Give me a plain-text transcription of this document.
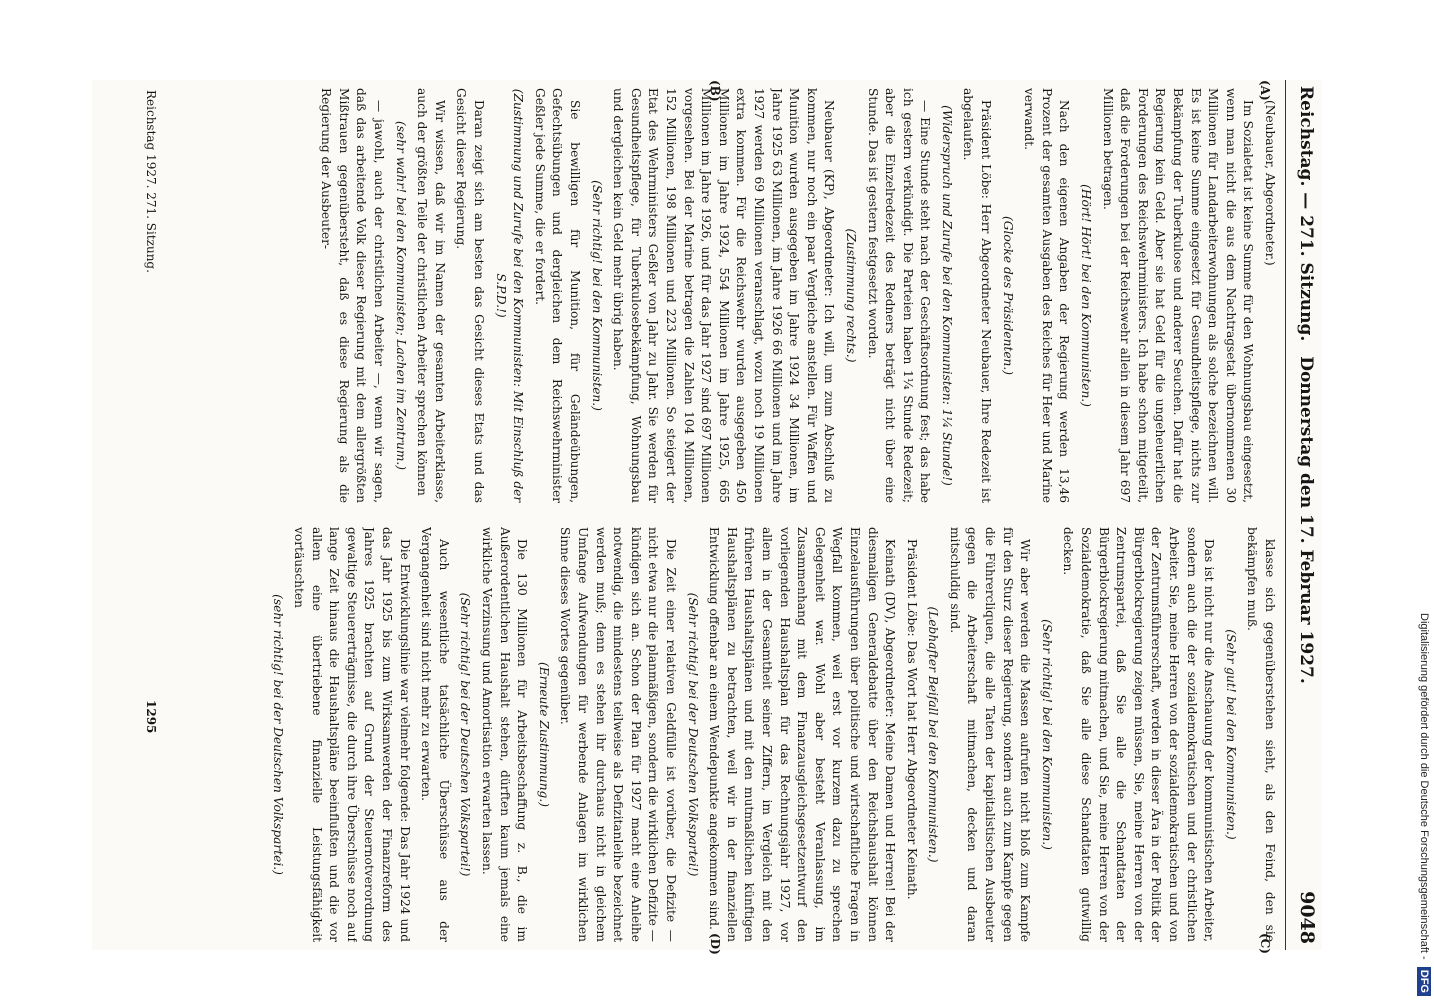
Reichstag. — 271. Sitzung.
Donnerstag den 17. Februar 1927.
9048
(A)
(B)
(C)
(D)

(Neubauer, Abgeordneter.)

Im Sozialetat ist keine Summe für den Wohnungsbau eingesetzt, wenn man nicht die aus dem Nachtragsetat übernommenen 30 Millionen für Landarbeiterwohnungen als solche bezeichnen will. Es ist keine Summe eingesetzt für Gesundheitspflege, nichts zur Bekämpfung der Tuberkulose und anderer Seuchen. Dafür hat die Regierung kein Geld. Aber sie hat Geld für die ungeheuerlichen Forderungen des Reichswehrministers. Ich habe schon mitgeteilt, daß die Forderungen bei der Reichswehr allein in diesem Jahr 697 Millionen betragen.

(Hört! Hört! bei den Kommunisten.)

Nach den eigenen Angaben der Regierung werden 13,46 Prozent der gesamten Ausgaben des Reiches für Heer und Marine verwandt.

(Glocke des Präsidenten.)

Präsident Löbe: Herr Abgeordneter Neubauer, Ihre Redezeit ist abgelaufen.

(Widerspruch und Zurufe bei den Kommunisten: 1¼ Stunde!)

— Eine Stunde steht nach der Geschäftsordnung fest; das habe ich gestern verkündigt. Die Parteien haben 1¼ Stunde Redezeit; aber die Einzelredezeit des Redners beträgt nicht über eine Stunde. Das ist gestern festgesetzt worden.

(Zustimmung rechts.)

Neubauer (KP), Abgeordneter: Ich will, um zum Abschluß zu kommen, nur noch ein paar Vergleiche anstellen. Für Waffen und Munition wurden ausgegeben im Jahre 1924 34 Millionen, im Jahre 1925 63 Millionen, im Jahre 1926 66 Millionen und im Jahre 1927 werden 69 Millionen veranschlagt, wozu noch 19 Millionen extra kommen. Für die Reichswehr wurden ausgegeben 450 Millionen im Jahre 1924, 554 Millionen im Jahre 1925, 665 Millionen im Jahre 1926, und für das Jahr 1927 sind 697 Millionen vorgesehen. Bei der Marine betragen die Zahlen 104 Millionen, 152 Millionen, 198 Millionen und 223 Millionen. So steigert der Etat des Wehrministers Geßler von Jahr zu Jahr. Sie werden für Gesundheitspflege, für Tuberkulosebekämpfung, Wohnungsbau und dergleichen kein Geld mehr übrig haben.

(Sehr richtig! bei den Kommunisten.)

Sie bewilligen für Munition, für Geländeübungen, Gefechtsübungen und dergleichen dem Reichswehrminister Geßler jede Summe, die er fordert.

(Zustimmung und Zurufe bei den Kommunisten: Mit Einschluß der S.P.D.!)

Daran zeigt sich am besten das Gesicht dieses Etats und das Gesicht dieser Regierung.

Wir wissen, daß wir im Namen der gesamten Arbeiterklasse, auch der größten Teile der christlichen Arbeiter sprechen können

(sehr wahr! bei den Kommunisten; Lachen im Zentrum.)

— jawohl, auch der christlichen Arbeiter —, wenn wir sagen, daß das arbeitende Volk dieser Regierung mit dem allergrößten Mißtrauen gegenübersteht, daß es diese Regierung als die Regierung der Ausbeuter-

klasse sich gegenüberstehen sieht, als den Feind, den sie bekämpfen muß.

(Sehr gut! bei den Kommunisten.)

Das ist nicht nur die Anschauung der kommunistischen Arbeiter, sondern auch die der sozialdemokratischen und der christlichen Arbeiter. Sie, meine Herren von der sozialdemokratischen und von der Zentrumsführerschaft, werden in dieser Ära in der Politik der Bürgerblockregierung zeigen müssen, Sie, meine Herren von der Zentrumspartei, daß Sie alle die Schandtaten der Bürgerblockregierung mitmachen, und Sie, meine Herren von der Sozialdemokratie, daß Sie alle diese Schandtaten gutwillig decken.

(Sehr richtig! bei den Kommunisten.)

Wir aber werden die Massen aufrufen nicht bloß zum Kampfe für den Sturz dieser Regierung, sondern auch zum Kampfe gegen die Führercliquen, die alle Taten der kapitalistischen Ausbeuter gegen die Arbeiterschaft mitmachen, decken und daran mitschuldig sind.

(Lebhafter Beifall bei den Kommunisten.)

Präsident Löbe: Das Wort hat Herr Abgeordneter Keinath.

Keinath (DV), Abgeordneter: Meine Damen und Herren! Bei der diesmaligen Generaldebatte über den Reichshaushalt können Einzelausführungen über politische und wirtschaftliche Fragen in Wegfall kommen, weil erst vor kurzem dazu zu sprechen Gelegenheit war. Wohl aber besteht Veranlassung, im Zusammenhang mit dem Finanzausgleichsgesetzentwurf den vorliegenden Haushaltsplan für das Rechnungsjahr 1927, vor allem in der Gesamtheit seiner Ziffern, im Vergleich mit den früheren Haushaltsplänen und mit den mutmaßlichen künftigen Haushaltsplänen zu betrachten, weil wir in der finanziellen Entwicklung offenbar an einem Wendepunkte angekommen sind.

(Sehr richtig! bei der Deutschen Volkspartei!)

Die Zeit einer relativen Geldfülle ist vorüber, die Defizite — nicht etwa nur die planmäßigen, sondern die wirklichen Defizite — kündigen sich an. Schon der Plan für 1927 macht eine Anleihe notwendig, die mindestens teilweise als Defizitanleihe bezeichnet werden muß; denn es stehen ihr durchaus nicht in gleichem Umfange Aufwendungen für werbende Anlagen im wirklichen Sinne dieses Wortes gegenüber.

(Erneute Zustimmung.)

Die 130 Millionen für Arbeitsbeschaffung z. B., die im Außerordentlichen Haushalt stehen, dürften kaum jemals eine wirkliche Verzinsung und Amortisation erwarten lassen.

(Sehr richtig! bei der Deutschen Volkspartei!)

Auch wesentliche tatsächliche Überschüsse aus der Vergangenheit sind nicht mehr zu erwarten.

Die Entwicklungslinie war vielmehr folgende: Das Jahr 1924 und das Jahr 1925 bis zum Wirksamwerden der Finanzreform des Jahres 1925 brachten auf Grund der Steuernotverordnung gewaltige Steuererträgnisse, die durch ihre Überschüsse noch auf lange Zeit hinaus die Haushaltspläne beeinflußten und die vor allem eine übertriebene finanzielle Leistungsfähigkeit vortäuschten

(sehr richtig! bei der Deutschen Volkspartei.)

Reichstag 1927. 271. Sitzung.
1295	Digitalisierung gefördert durch die Deutsche Forschungsgemeinschaft - DFG
